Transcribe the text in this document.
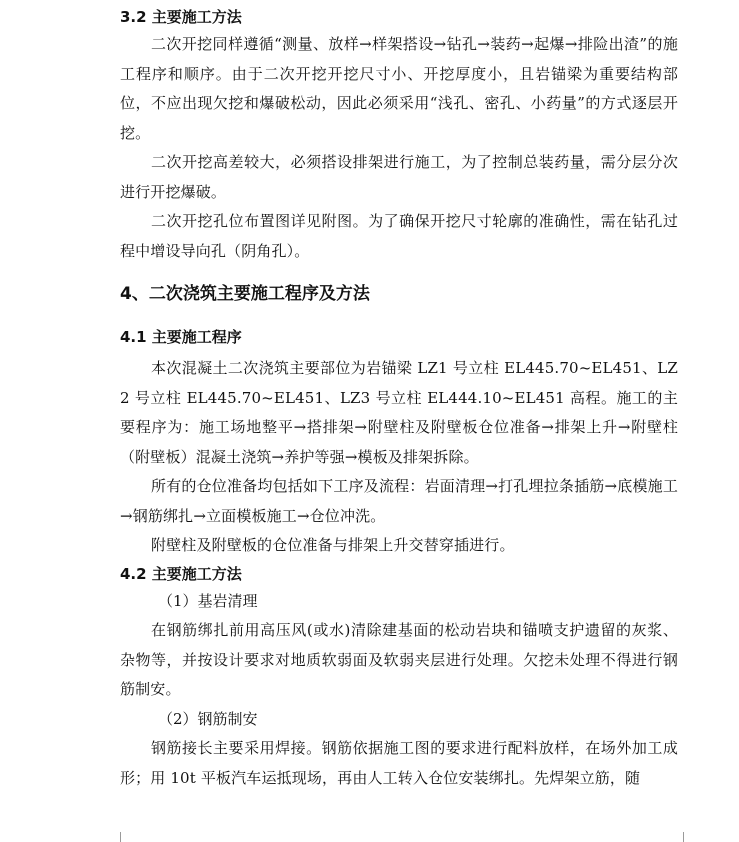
3.2 主要施工方法
二次开挖同样遵循“测量、放样→样架搭设→钻孔→装药→起爆→排险出渣”的施工程序和顺序。由于二次开挖开挖尺寸小、开挖厚度小，且岩锚梁为重要结构部位，不应出现欠挖和爆破松动，因此必须采用“浅孔、密孔、小药量”的方式逐层开挖。
二次开挖高差较大，必须搭设排架进行施工，为了控制总装药量，需分层分次进行开挖爆破。
二次开挖孔位布置图详见附图。为了确保开挖尺寸轮廓的准确性，需在钻孔过程中增设导向孔（阴角孔）。
4、二次浇筑主要施工程序及方法
4.1 主要施工程序
本次混凝土二次浇筑主要部位为岩锚梁 LZ1 号立柱 EL445.70~EL451、LZ2 号立柱 EL445.70~EL451、LZ3 号立柱 EL444.10~EL451 高程。施工的主要程序为：施工场地整平→搭排架→附壁柱及附壁板仓位准备→排架上升→附壁柱（附壁板）混凝土浇筑→养护等强→模板及排架拆除。
所有的仓位准备均包括如下工序及流程：岩面清理→打孔埋拉条插筋→底模施工→钢筋绑扎→立面模板施工→仓位冲洗。
附壁柱及附壁板的仓位准备与排架上升交替穿插进行。
4.2 主要施工方法
（1）基岩清理
在钢筋绑扎前用高压风(或水)清除建基面的松动岩块和锚喷支护遗留的灰浆、杂物等，并按设计要求对地质软弱面及软弱夹层进行处理。欠挖未处理不得进行钢筋制安。
（2）钢筋制安
钢筋接长主要采用焊接。钢筋依据施工图的要求进行配料放样，在场外加工成形；用 10t 平板汽车运抵现场，再由人工转入仓位安装绑扎。先焊架立筋，随
